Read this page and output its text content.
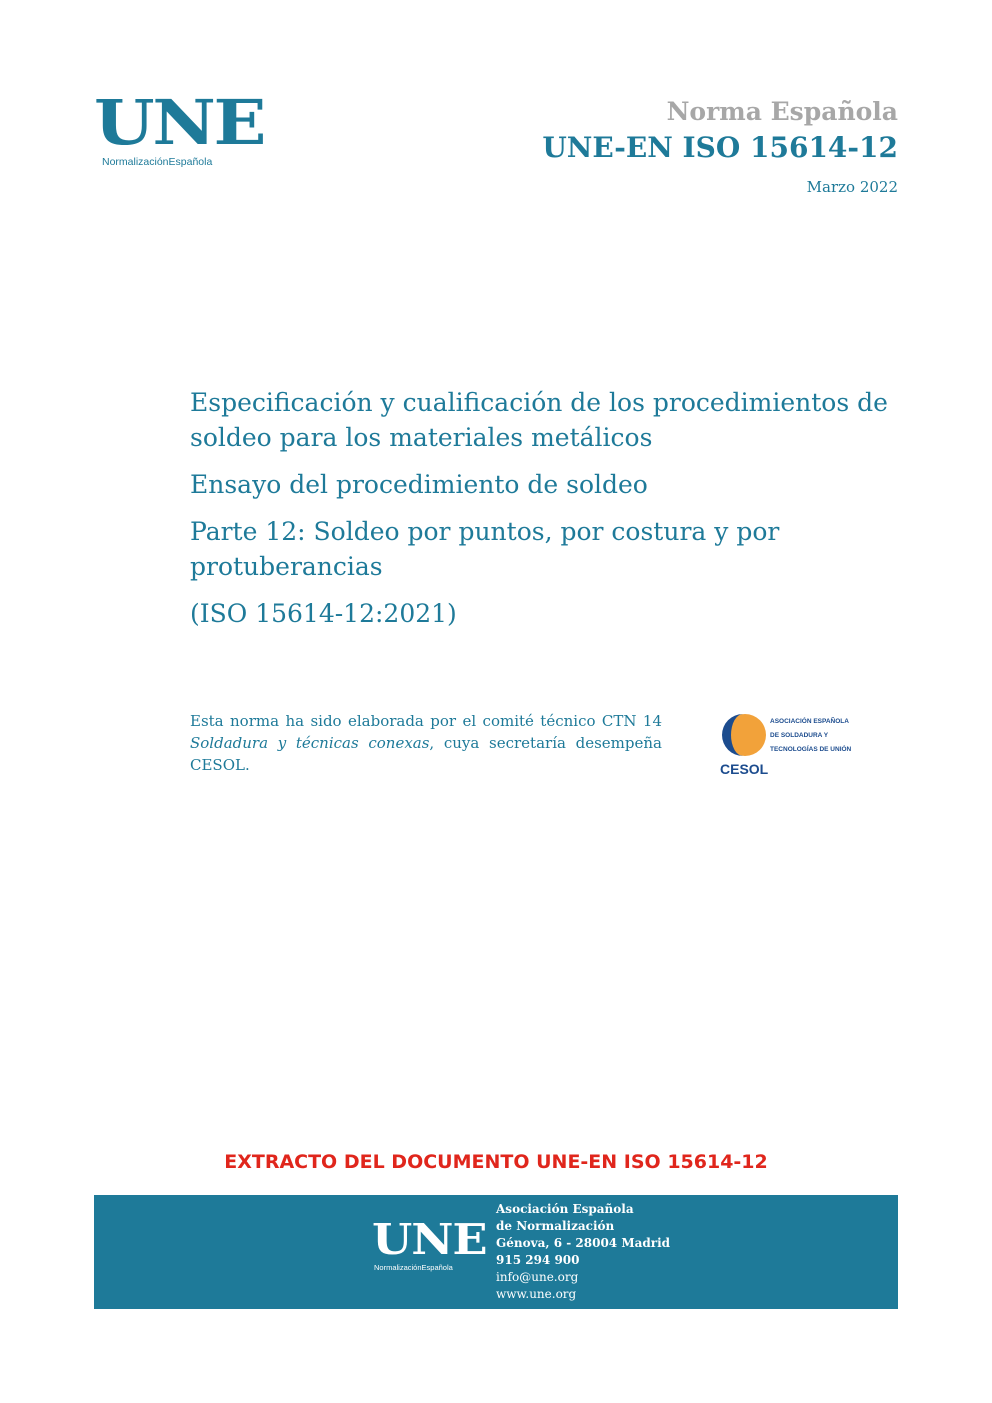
UNE
NormalizaciónEspañola
Norma Española
UNE-EN ISO 15614-12
Marzo 2022

Especificación y cualificación de los procedimientos de soldeo para los materiales metálicos

Ensayo del procedimiento de soldeo

Parte 12: Soldeo por puntos, por costura y por protuberancias

(ISO 15614-12:2021)

Esta norma ha sido elaborada por el comité técnico CTN 14 Soldadura y técnicas conexas, cuya secretaría desempeña CESOL.
ASOCIACIÓN ESPAÑOLA
DE SOLDADURA Y
TECNOLOGÍAS DE UNIÓN
CESOL
EXTRACTO DEL DOCUMENTO UNE-EN ISO 15614-12
UNE
NormalizaciónEspañola
Asociación Española
de Normalización
Génova, 6 - 28004 Madrid
915 294 900
info@une.org
www.une.org
